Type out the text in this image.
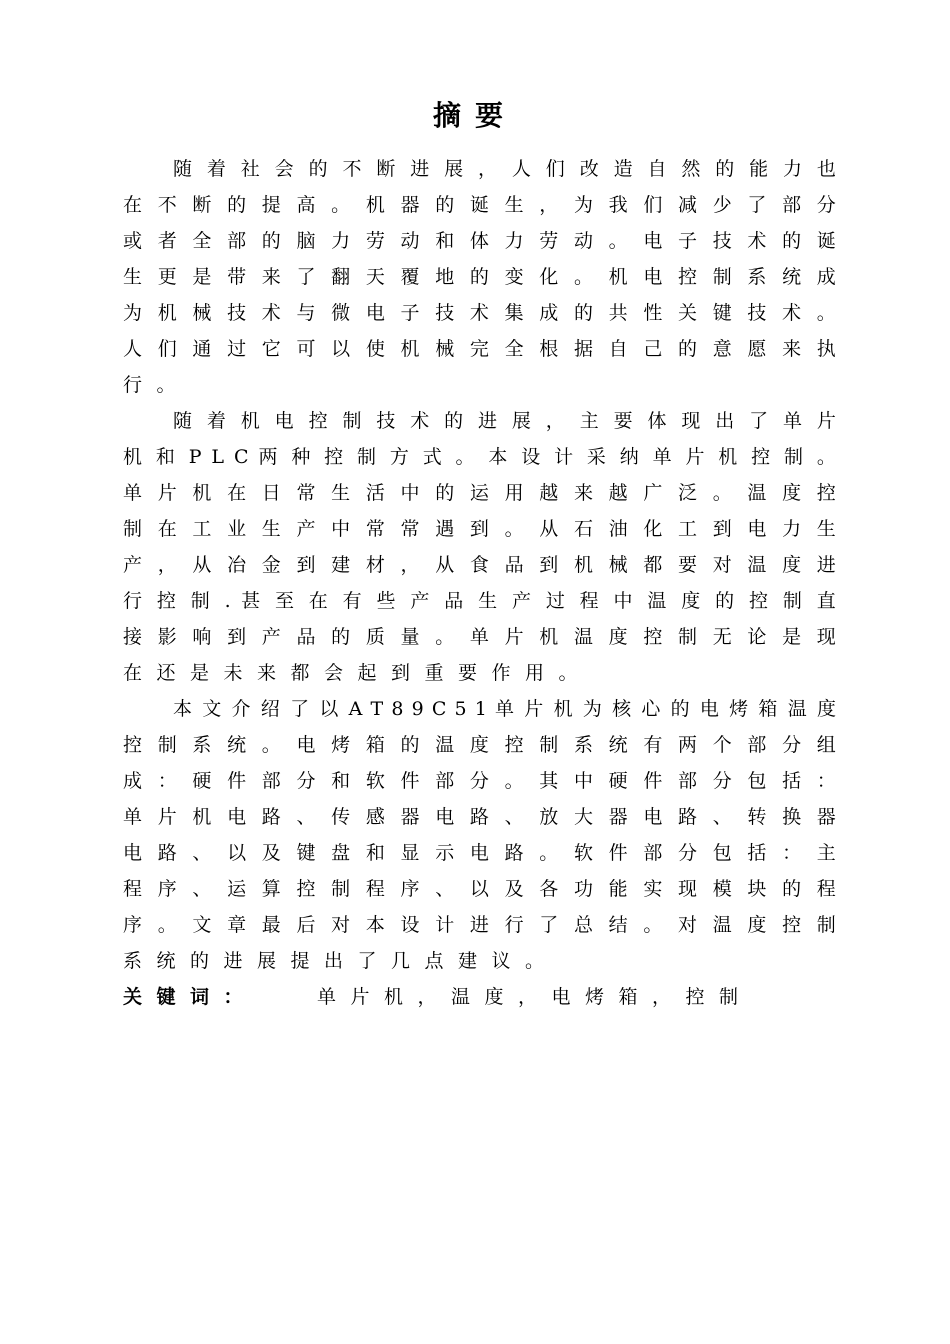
摘要
随 着 社 会 的 不 断 进 展 ， 人 们 改 造 自 然 的 能 力 也
在 不 断 的 提 高 。 机 器 的 诞 生 ， 为 我 们 减 少 了 部 分
或 者 全 部 的 脑 力 劳 动 和 体 力 劳 动 。 电 子 技 术 的 诞
生 更 是 带 来 了 翻 天 覆 地 的 变 化 。 机 电 控 制 系 统 成
为 机 械 技 术 与 微 电 子 技 术 集 成 的 共 性 关 键 技 术 。
人 们 通 过 它 可 以 使 机 械 完 全 根 据 自 己 的 意 愿 来 执
行。
随 着 机 电 控 制 技 术 的 进 展 ， 主 要 体 现 出 了 单 片
机 和 P L C 两 种 控 制 方 式 。 本 设 计 采 纳 单 片 机 控 制 。
单 片 机 在 日 常 生 活 中 的 运 用 越 来 越 广 泛 。 温 度 控
制 在 工 业 生 产 中 常 常 遇 到 。 从 石 油 化 工 到 电 力 生
产 ， 从 冶 金 到 建 材 ， 从 食 品 到 机 械 都 要 对 温 度 进
行 控 制 . 甚 至 在 有 些 产 品 生 产 过 程 中 温 度 的 控 制 直
接 影 响 到 产 品 的 质 量 。 单 片 机 温 度 控 制 无 论 是 现
在还是未来都会起到重要作用。
本 文 介 绍 了 以 A T 8 9 C 5 1 单 片 机 为 核 心 的 电 烤 箱 温 度
控 制 系 统 。 电 烤 箱 的 温 度 控 制 系 统 有 两 个 部 分 组
成 ： 硬 件 部 分 和 软 件 部 分 。 其 中 硬 件 部 分 包 括 ：
单 片 机 电 路 、 传 感 器 电 路 、 放 大 器 电 路 、 转 换 器
电 路 、 以 及 键 盘 和 显 示 电 路 。 软 件 部 分 包 括 ： 主
程 序 、 运 算 控 制 程 序 、 以 及 各 功 能 实 现 模 块 的 程
序 。 文 章 最 后 对 本 设 计 进 行 了 总 结 。 对 温 度 控 制
系统的进展提出了几点建议。
关键词：	单片机，温度，电烤箱，控制
